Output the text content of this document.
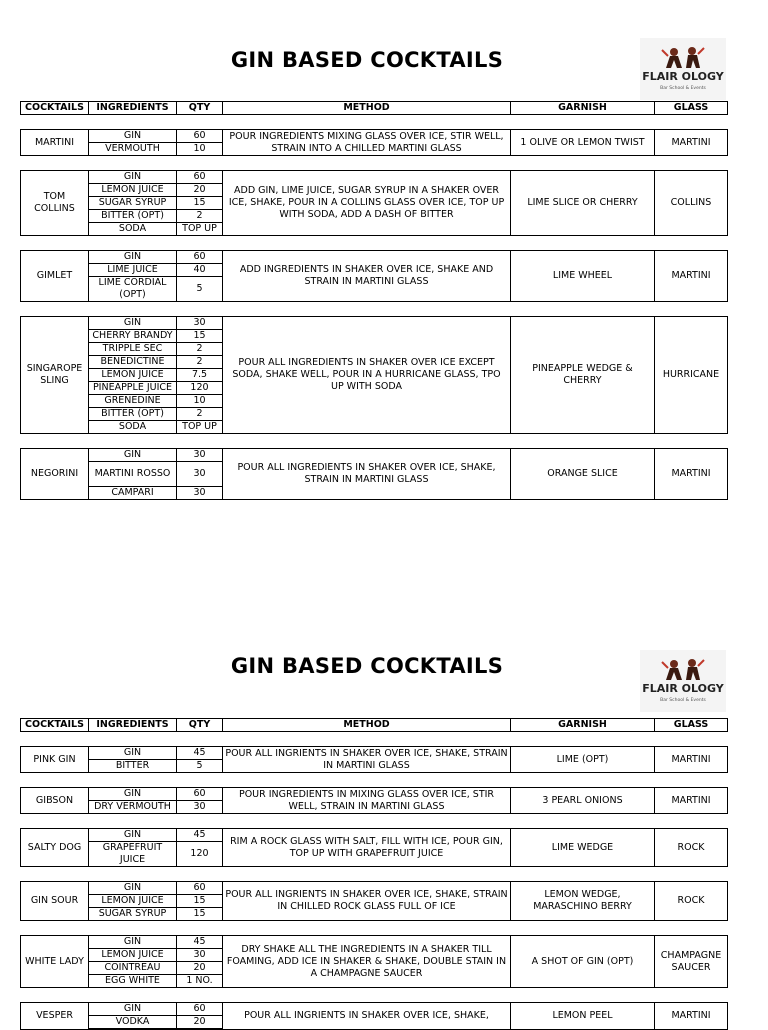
GIN BASED COCKTAILS
FLAIR OLOGY
Bar School & Events
COCKTAILS	INGREDIENTS	QTY	METHOD	GARNISH	GLASS

MARTINI	GIN	60	POUR INGREDIENTS MIXING GLASS OVER ICE, STIR WELL, STRAIN INTO A CHILLED MARTINI GLASS	1 OLIVE OR LEMON TWIST	MARTINI
	VERMOUTH	10			

TOM COLLINS	GIN	60	ADD GIN, LIME JUICE, SUGAR SYRUP IN A SHAKER OVER ICE, SHAKE, POUR IN A COLLINS GLASS OVER ICE, TOP UP WITH SODA, ADD A DASH OF BITTER	LIME SLICE OR CHERRY	COLLINS
	LEMON JUICE	20			
	SUGAR SYRUP	15			
	BITTER (OPT)	2			
	SODA	TOP UP			

GIMLET	GIN	60	ADD INGREDIENTS IN SHAKER OVER ICE, SHAKE AND STRAIN IN MARTINI GLASS	LIME WHEEL	MARTINI
	LIME JUICE	40			
	LIME CORDIAL (OPT)	5			

SINGAROPE SLING	GIN	30	POUR ALL INGREDIENTS IN SHAKER OVER ICE EXCEPT SODA, SHAKE WELL, POUR IN A HURRICANE GLASS, TPO UP WITH SODA	PINEAPPLE WEDGE & CHERRY	HURRICANE
	CHERRY BRANDY	15			
	TRIPPLE SEC	2			
	BENEDICTINE	2			
	LEMON JUICE	7.5			
	PINEAPPLE JUICE	120			
	GRENEDINE	10			
	BITTER (OPT)	2			
	SODA	TOP UP			

NEGORINI	GIN	30	POUR ALL INGREDIENTS IN SHAKER OVER ICE, SHAKE, STRAIN IN MARTINI GLASS	ORANGE SLICE	MARTINI
	MARTINI ROSSO	30			
	CAMPARI	30			
GIN BASED COCKTAILS
FLAIR OLOGY
Bar School & Events
COCKTAILS	INGREDIENTS	QTY	METHOD	GARNISH	GLASS

PINK GIN	GIN	45	POUR ALL INGRIENTS IN SHAKER OVER ICE, SHAKE, STRAIN IN MARTINI GLASS	LIME (OPT)	MARTINI
	BITTER	5			

GIBSON	GIN	60	POUR INGREDIENTS IN MIXING GLASS OVER ICE, STIR WELL, STRAIN IN MARTINI GLASS	3 PEARL ONIONS	MARTINI
	DRY VERMOUTH	30			

SALTY DOG	GIN	45	RIM A ROCK GLASS WITH SALT, FILL WITH ICE, POUR GIN, TOP UP WITH GRAPEFRUIT JUICE	LIME WEDGE	ROCK
	GRAPEFRUIT JUICE	120			

GIN SOUR	GIN	60	POUR ALL INGRIENTS IN SHAKER OVER ICE, SHAKE, STRAIN IN CHILLED ROCK GLASS FULL OF ICE	LEMON WEDGE, MARASCHINO BERRY	ROCK
	LEMON JUICE	15			
	SUGAR SYRUP	15			

WHITE LADY	GIN	45	DRY SHAKE ALL THE INGREDIENTS IN A SHAKER TILL FOAMING, ADD ICE IN SHAKER & SHAKE, DOUBLE STAIN IN A CHAMPAGNE SAUCER	A SHOT OF GIN (OPT)	CHAMPAGNE SAUCER
	LEMON JUICE	30			
	COINTREAU	20			
	EGG WHITE	1 NO.			

VESPER	GIN	60	POUR ALL INGRIENTS IN SHAKER OVER ICE, SHAKE,	LEMON PEEL	MARTINI
	VODKA	20			
